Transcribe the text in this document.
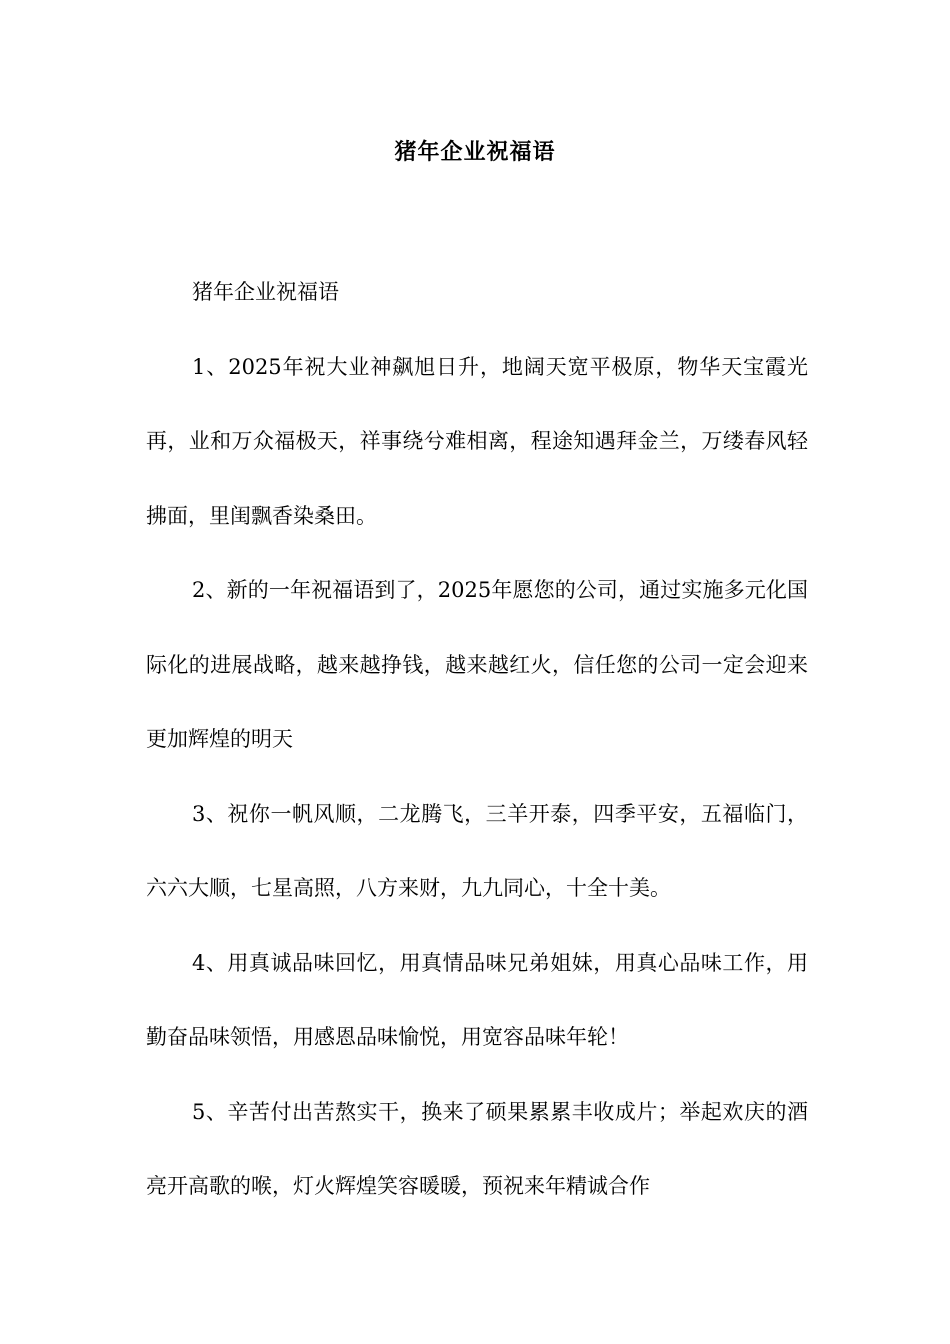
猪年企业祝福语

猪年企业祝福语

1、2025年祝大业神飙旭日升，地阔天宽平极原，物华天宝霞光再，业和万众福极天，祥事绕兮难相离，程途知遇拜金兰，万缕春风轻拂面，里闺飘香染桑田。

2、新的一年祝福语到了，2025年愿您的公司，通过实施多元化国际化的进展战略，越来越挣钱，越来越红火，信任您的公司一定会迎来更加辉煌的明天

3、祝你一帆风顺，二龙腾飞，三羊开泰，四季平安，五福临门，六六大顺，七星高照，八方来财，九九同心，十全十美。

4、用真诚品味回忆，用真情品味兄弟姐妹，用真心品味工作，用勤奋品味领悟，用感恩品味愉悦，用宽容品味年轮！

5、辛苦付出苦熬实干，换来了硕果累累丰收成片；举起欢庆的酒亮开高歌的喉，灯火辉煌笑容暖暖，预祝来年精诚合作
